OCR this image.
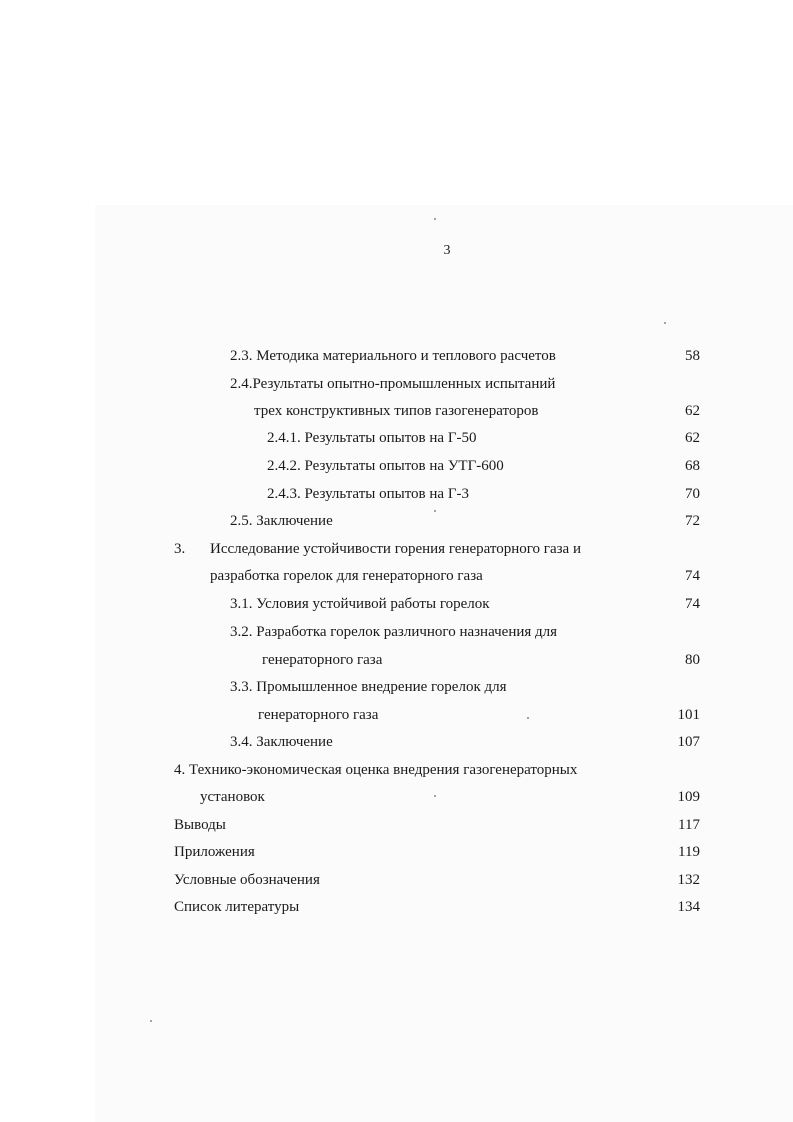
3
2.3. Методика материального и теплового расчетов	58
2.4.Результаты опытно-промышленных испытаний
трех конструктивных типов газогенераторов	62
2.4.1. Результаты опытов на Г-50	62
2.4.2. Результаты опытов на УТГ-600	68
2.4.3. Результаты опытов на Г-3	70
2.5. Заключение	72
3. Исследование устойчивости горения генераторного газа и
разработка горелок для генераторного газа	74
3.1. Условия устойчивой работы горелок	74
3.2. Разработка горелок различного назначения для
генераторного газа	80
3.3. Промышленное внедрение горелок для
генераторного газа	101
3.4. Заключение	107
4. Технико-экономическая оценка внедрения газогенераторных
установок	109
Выводы	117
Приложения	119
Условные обозначения	132
Список литературы	134
